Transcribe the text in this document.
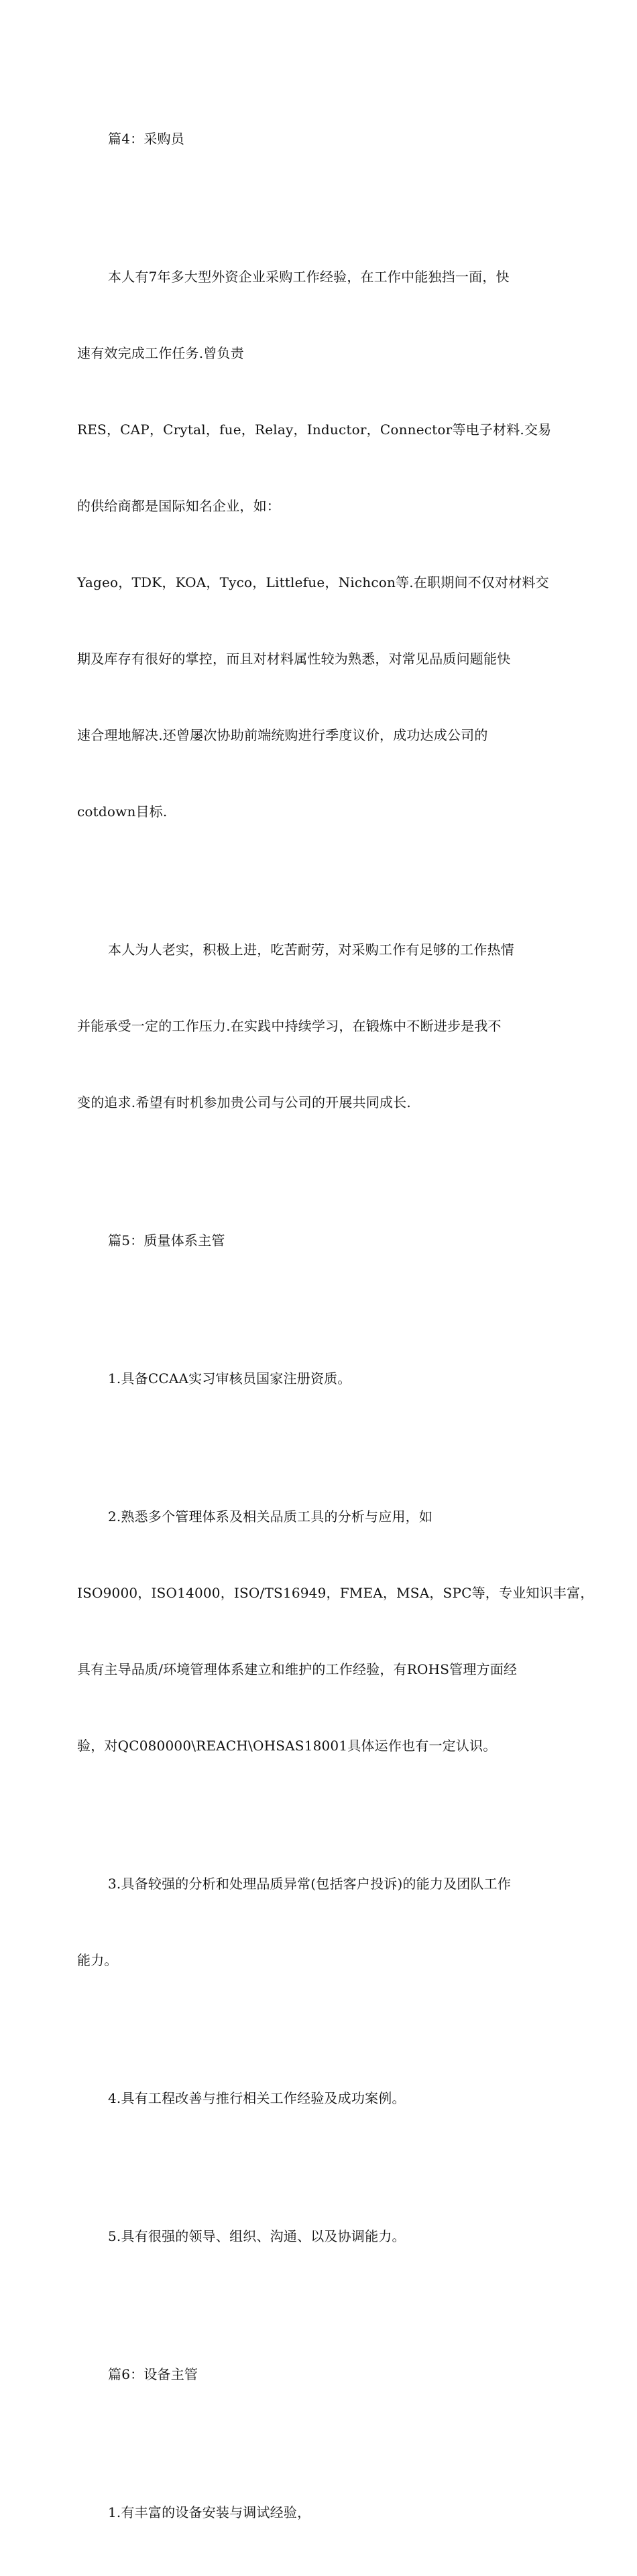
篇4：采购员

本人有7年多大型外资企业采购工作经验，在工作中能独挡一面，快

速有效完成工作任务.曾负责

RES，CAP，Crytal，fue，Relay，Inductor，Connector等电子材料.交易

的供给商都是国际知名企业，如：

Yageo，TDK，KOA，Tyco，Littlefue，Nichcon等.在职期间不仅对材料交

期及库存有很好的掌控，而且对材料属性较为熟悉，对常见品质问题能快

速合理地解决.还曾屡次协助前端统购进行季度议价，成功达成公司的

cotdown目标.

本人为人老实，积极上进，吃苦耐劳，对采购工作有足够的工作热情

并能承受一定的工作压力.在实践中持续学习，在锻炼中不断进步是我不

变的追求.希望有时机参加贵公司与公司的开展共同成长.

篇5：质量体系主管

1.具备CCAA实习审核员国家注册资质。

2.熟悉多个管理体系及相关品质工具的分析与应用，如

ISO9000，ISO14000，ISO/TS16949，FMEA，MSA，SPC等，专业知识丰富，

具有主导品质/环境管理体系建立和维护的工作经验，有ROHS管理方面经

验，对QC080000\REACH\OHSAS18001具体运作也有一定认识。

3.具备较强的分析和处理品质异常(包括客户投诉)的能力及团队工作

能力。

4.具有工程改善与推行相关工作经验及成功案例。

5.具有很强的领导、组织、沟通、以及协调能力。

篇6：设备主管

1.有丰富的设备安装与调试经验，
